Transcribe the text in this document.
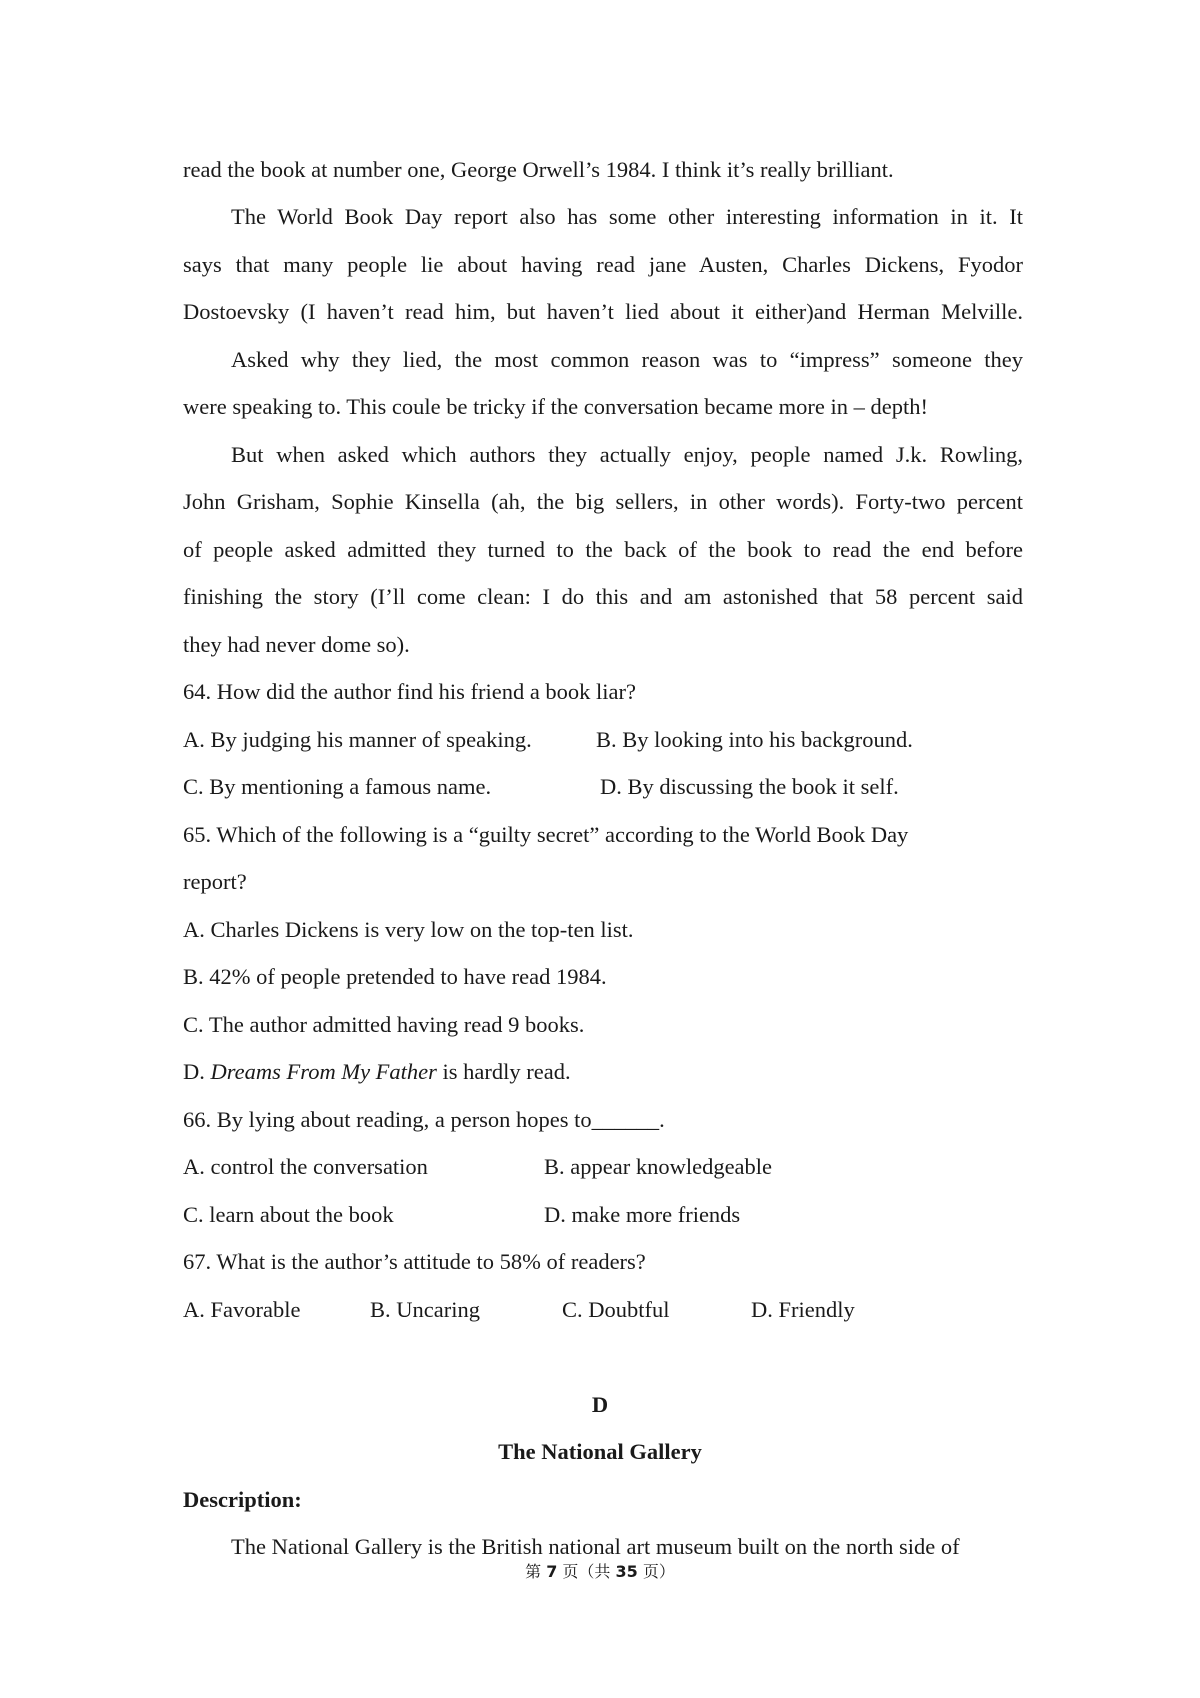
read the book at number one, George Orwell’s 1984. I think it’s really brilliant.
The World Book Day report also has some other interesting information in it. It
says that many people lie about having read jane Austen, Charles Dickens, Fyodor
Dostoevsky (I haven’t read him, but haven’t lied about it either)and Herman Melville.
Asked why they lied, the most common reason was to “impress” someone they
were speaking to. This coule be tricky if the conversation became more in – depth!
But when asked which authors they actually enjoy, people named J.k. Rowling,
John Grisham, Sophie Kinsella (ah, the big sellers, in other words). Forty-two percent
of people asked admitted they turned to the back of the book to read the end before
finishing the story (I’ll come clean: I do this and am astonished that 58 percent said
they had never dome so).
64. How did the author find his friend a book liar?
A. By judging his manner of speaking.	B. By looking into his background.
C. By mentioning a famous name.	D. By discussing the book it self.
65. Which of the following is a “guilty secret” according to the World Book Day
report?
A. Charles Dickens is very low on the top-ten list.
B. 42% of people pretended to have read 1984.
C. The author admitted having read 9 books.
D. Dreams From My Father is hardly read.
66. By lying about reading, a person hopes to______.
A. control the conversation	B. appear knowledgeable
C. learn about the book	D. make more friends
67. What is the author’s attitude to 58% of readers?
A. Favorable	B. Uncaring	C. Doubtful	D. Friendly
D
The National Gallery
Description:
The National Gallery is the British national art museum built on the north side of
第 7 页（共 35 页）
